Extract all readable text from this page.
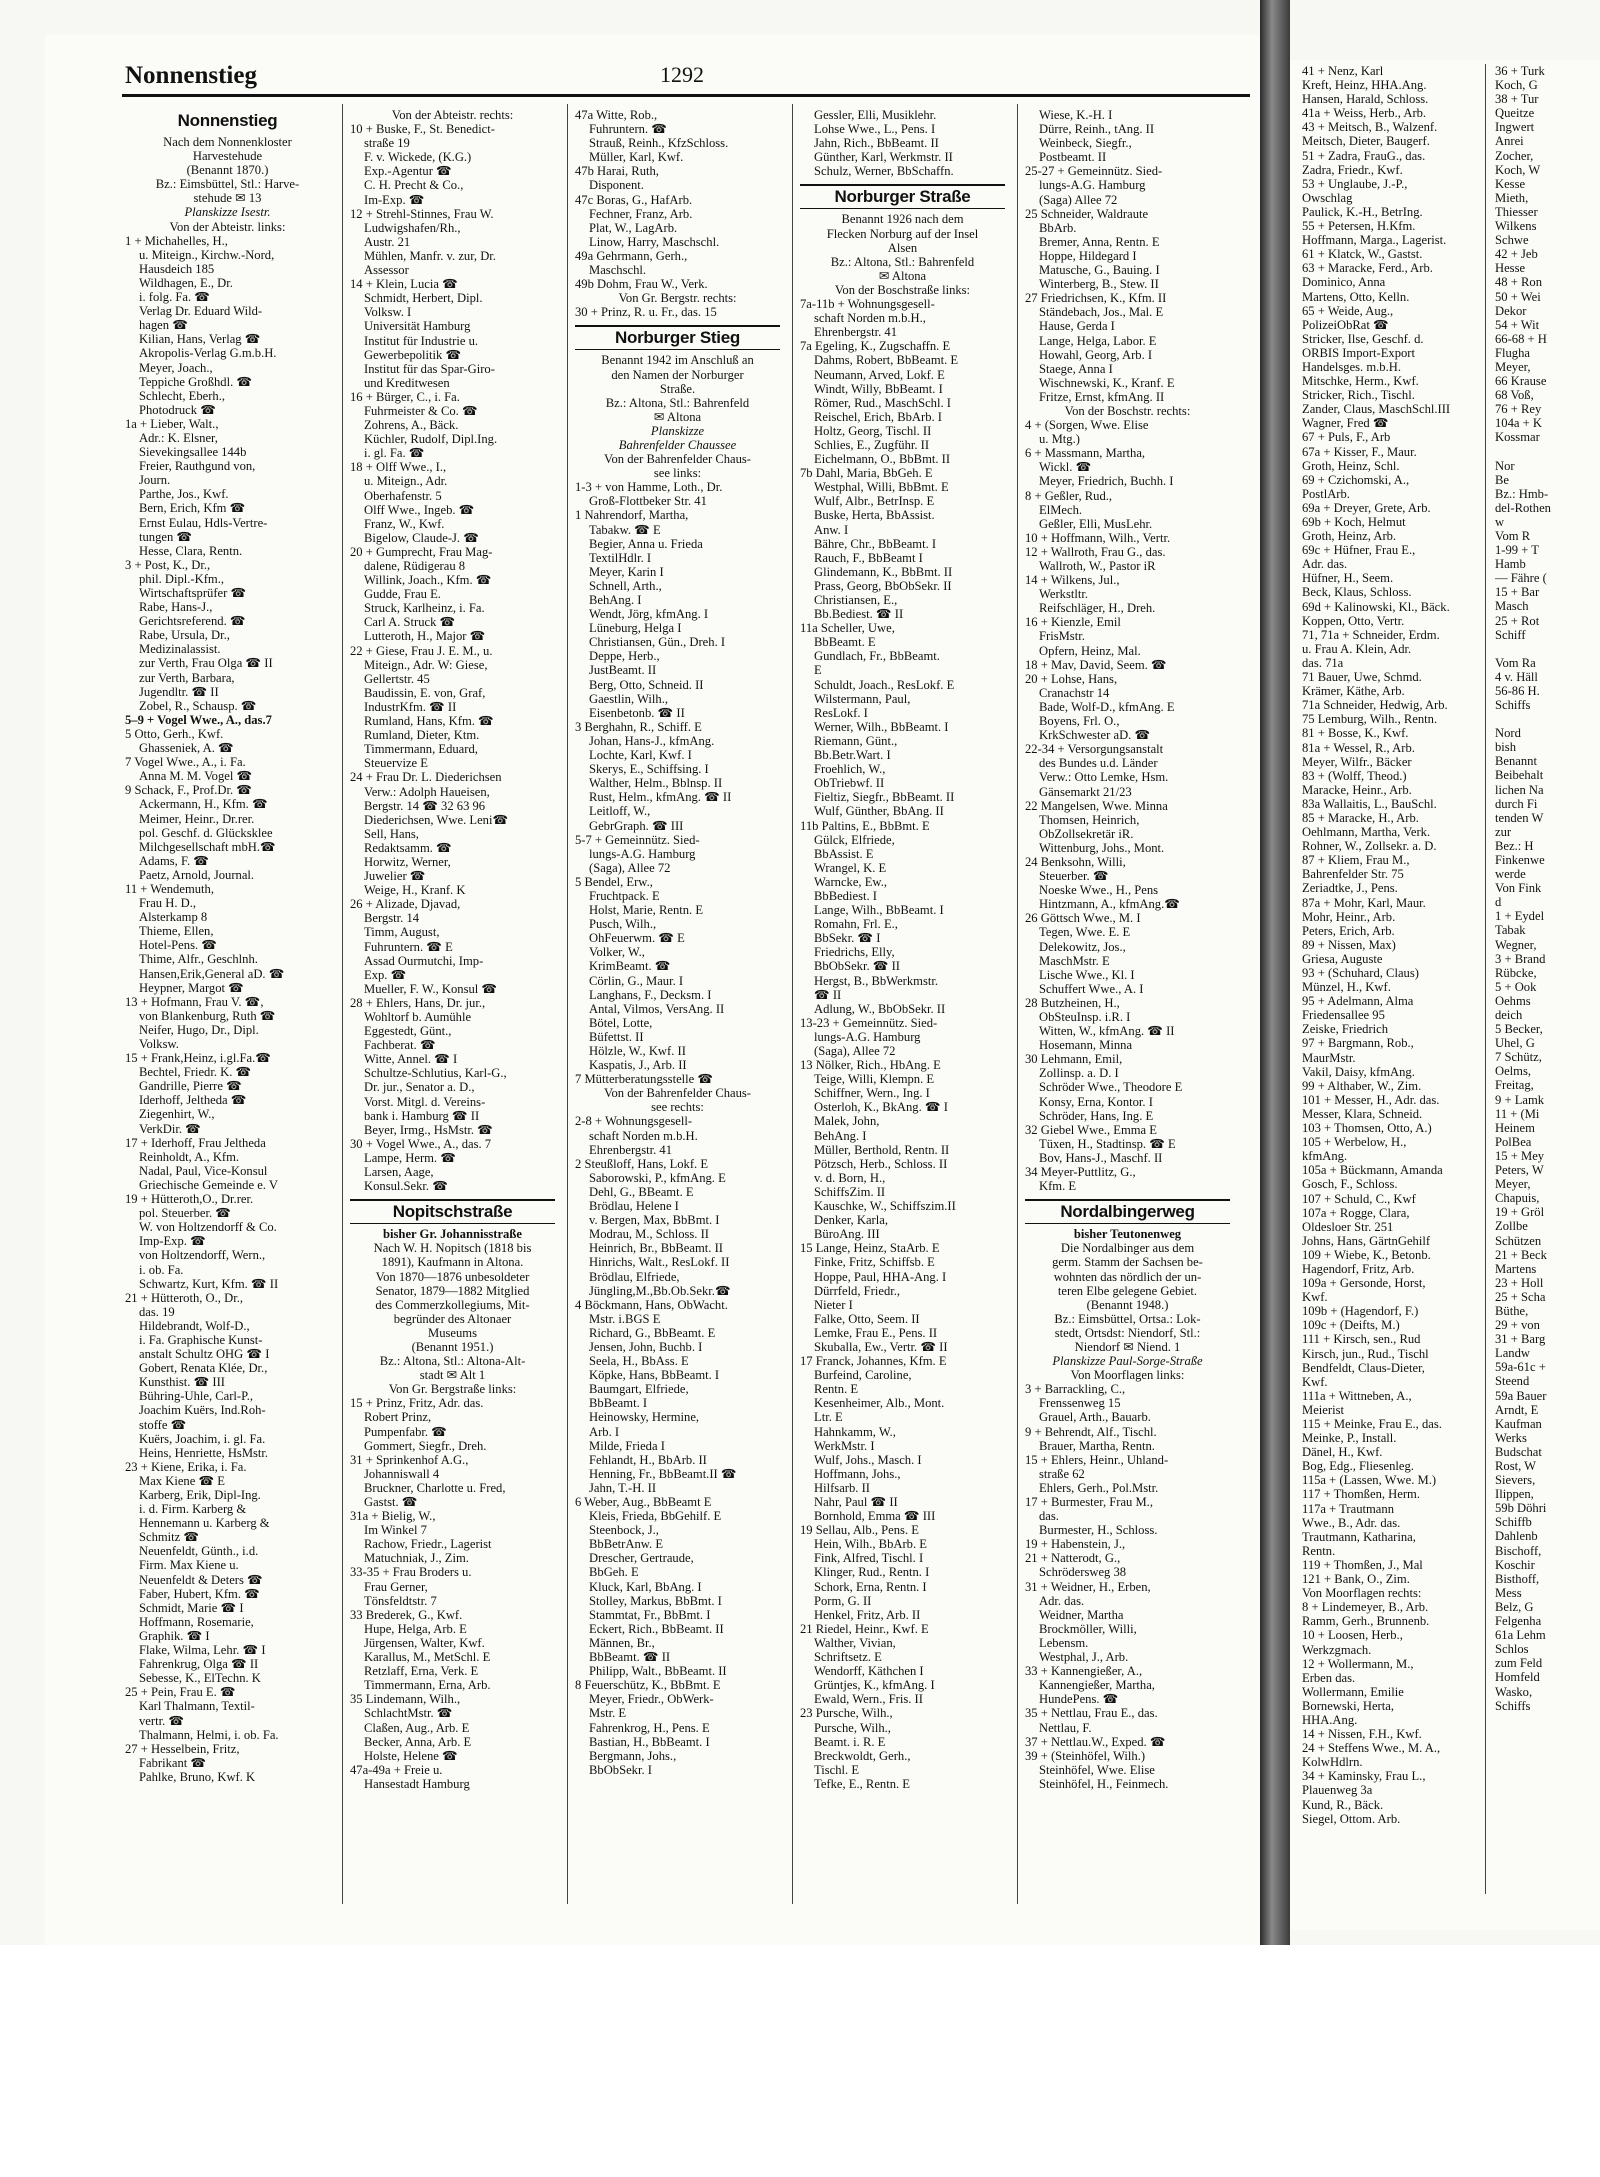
41 + Nenz, Karl
Kreft, Heinz, HHA.Ang.
Hansen, Harald, Schloss.
41a + Weiss, Herb., Arb.
43 + Meitsch, B., Walzenf.
Meitsch, Dieter, Baugerf.
51 + Zadra, FrauG., das.
Zadra, Friedr., Kwf.
53 + Unglaube, J.-P.,
Owschlag
Paulick, K.-H., BetrIng.
55 + Petersen, H.Kfm.
Hoffmann, Marga., Lagerist.
61 + Klatck, W., Gastst.
63 + Maracke, Ferd., Arb.
Dominico, Anna
Martens, Otto, Kelln.
65 + Weide, Aug.,
PolizeiObRat ☎
Stricker, Ilse, Geschf. d.
ORBIS Import-Export
Handelsges. m.b.H.
Mitschke, Herm., Kwf.
Stricker, Rich., Tischl.
Zander, Claus, MaschSchl.III
Wagner, Fred ☎
67 + Puls, F., Arb
67a + Kisser, F., Maur.
Groth, Heinz, Schl.
69 + Czichomski, A.,
PostlArb.
69a + Dreyer, Grete, Arb.
69b + Koch, Helmut
Groth, Heinz, Arb.
69c + Hüfner, Frau E.,
Adr. das.
Hüfner, H., Seem.
Beck, Klaus, Schloss.
69d + Kalinowski, Kl., Bäck.
Koppen, Otto, Vertr.
71, 71a + Schneider, Erdm.
u. Frau A. Klein, Adr.
das. 71a
71 Bauer, Uwe, Schmd.
Krämer, Käthe, Arb.
71a Schneider, Hedwig, Arb.
75 Lemburg, Wilh., Rentn.
81 + Bosse, K., Kwf.
81a + Wessel, R., Arb.
Meyer, Wilfr., Bäcker
83 + (Wolff, Theod.)
Maracke, Heinr., Arb.
83a Wallaitis, L., BauSchl.
85 + Maracke, H., Arb.
Oehlmann, Martha, Verk.
Rohner, W., Zollsekr. a. D.
87 + Kliem, Frau M.,
Bahrenfelder Str. 75
Zeriadtke, J., Pens.
87a + Mohr, Karl, Maur.
Mohr, Heinr., Arb.
Peters, Erich, Arb.
89 + Nissen, Max)
Griesa, Auguste
93 + (Schuhard, Claus)
Münzel, H., Kwf.
95 + Adelmann, Alma
Friedensallee 95
Zeiske, Friedrich
97 + Bargmann, Rob.,
MaurMstr.
Vakil, Daisy, kfmAng.
99 + Althaber, W., Zim.
101 + Messer, H., Adr. das.
Messer, Klara, Schneid.
103 + Thomsen, Otto, A.)
105 + Werbelow, H.,
kfmAng.
105a + Bückmann, Amanda
Gosch, F., Schloss.
107 + Schuld, C., Kwf
107a + Rogge, Clara,
Oldesloer Str. 251
Johns, Hans, GärtnGehilf
109 + Wiebe, K., Betonb.
Hagendorf, Fritz, Arb.
109a + Gersonde, Horst,
Kwf.
109b + (Hagendorf, F.)
109c + (Deifts, M.)
111 + Kirsch, sen., Rud
Kirsch, jun., Rud., Tischl
Bendfeldt, Claus-Dieter,
Kwf.
111a + Wittneben, A.,
Meierist
115 + Meinke, Frau E., das.
Meinke, P., Install.
Dänel, H., Kwf.
Bog, Edg., Fliesenleg.
115a + (Lassen, Wwe. M.)
117 + Thomßen, Herm.
117a + Trautmann
Wwe., B., Adr. das.
Trautmann, Katharina,
Rentn.
119 + Thomßen, J., Mal
121 + Bank, O., Zim.
Von Moorflagen rechts:
8 + Lindemeyer, B., Arb.
Ramm, Gerh., Brunnenb.
10 + Loosen, Herb.,
Werkzgmach.
12 + Wollermann, M.,
Erben das.
Wollermann, Emilie
Bornewski, Herta,
HHA.Ang.
14 + Nissen, F.H., Kwf.
24 + Steffens Wwe., M. A.,
KolwHdlrn.
34 + Kaminsky, Frau L.,
Plauenweg 3a
Kund, R., Bäck.
Siegel, Ottom. Arb.
36 + Turk
Koch, G
38 + Tur
Queitze
Ingwert
Anrei
Zocher,
Koch, W
Kesse
Mieth,
Thiesser
Wilkens
Schwe
42 + Jeb
Hesse
48 + Ron
50 + Wei
Dekor
54 + Wit
66-68 + H
Flugha
Meyer,
66 Krause
68 Voß,
76 + Rey
104a + K
Kossmar
Nor
Be
Bz.: Hmb-
del-Rothen
w
Vom R
1-99 + T
Hamb
— Fähre (
15 + Bar
Masch
25 + Rot
Schiff
Vom Ra
4 v. Häll
56-86 H.
Schiffs
Nord
bish
Benannt
Beibehalt
lichen Na
durch Fi
tenden W
zur
Bez.: H
Finkenwe
werde
Von Fink
d
1 + Eydel
Tabak
Wegner,
3 + Brand
Rübcke,
5 + Ook
Oehms
deich
5 Becker,
Uhel, G
7 Schütz,
Oelms,
Freitag,
9 + Lamk
11 + (Mi
Heinem
PolBea
15 + Mey
Peters, W
Meyer,
Chapuis,
19 + Gröl
Zollbe
Schützen
21 + Beck
Martens
23 + Holl
25 + Scha
Büthe,
29 + von
31 + Barg
Landw
59a-61c +
Steend
59a Bauer
Arndt, E
Kaufman
Werks
Budschat
Rost, W
Sievers,
Ilippen,
59b Döhri
Schiffb
Dahlenb
Bischoff,
Koschir
Bisthoff,
Mess
Belz, G
Felgenha
61a Lehm
Schlos
zum Feld
Homfeld
Wasko,
Schiffs
Nonnenstieg	1292
Nonnenstieg
Nach dem Nonnenkloster
Harvestehude
(Benannt 1870.)
Bz.: Eimsbüttel, Stl.: Harve-
stehude ✉ 13
Planskizze Isestr.
Von der Abteistr. links:
1 + Michahelles, H.,
u. Miteign., Kirchw.-Nord,
Hausdeich 185
Wildhagen, E., Dr.
i. folg. Fa. ☎
Verlag Dr. Eduard Wild-
hagen ☎
Kilian, Hans, Verlag ☎
Akropolis-Verlag G.m.b.H.
Meyer, Joach.,
Teppiche Großhdl. ☎
Schlecht, Eberh.,
Photodruck ☎
1a + Lieber, Walt.,
Adr.: K. Elsner,
Sievekingsallee 144b
Freier, Rauthgund von,
Journ.
Parthe, Jos., Kwf.
Bern, Erich, Kfm ☎
Ernst Eulau, Hdls-Vertre-
tungen ☎
Hesse, Clara, Rentn.
3 + Post, K., Dr.,
phil. Dipl.-Kfm.,
Wirtschaftsprüfer ☎
Rabe, Hans-J.,
Gerichtsreferend. ☎
Rabe, Ursula, Dr.,
Medizinalassist.
zur Verth, Frau Olga ☎ II
zur Verth, Barbara,
Jugendltr. ☎ II
Zobel, R., Schausp. ☎
5–9 + Vogel Wwe., A., das.7
5 Otto, Gerh., Kwf.
Ghasseniek, A. ☎
7 Vogel Wwe., A., i. Fa.
Anna M. M. Vogel ☎
9 Schack, F., Prof.Dr. ☎
Ackermann, H., Kfm. ☎
Meimer, Heinr., Dr.rer.
pol. Geschf. d. Glücksklee
Milchgesellschaft mbH.☎
Adams, F. ☎
Paetz, Arnold, Journal.
11 + Wendemuth,
Frau H. D.,
Alsterkamp 8
Thieme, Ellen,
Hotel-Pens. ☎
Thime, Alfr., Geschlnh.
Hansen,Erik,General aD. ☎
Heypner, Margot ☎
13 + Hofmann, Frau V. ☎,
von Blankenburg, Ruth ☎
Neifer, Hugo, Dr., Dipl.
Volksw.
15 + Frank,Heinz, i.gl.Fa.☎
Bechtel, Friedr. K. ☎
Gandrille, Pierre ☎
Iderhoff, Jeltheda ☎
Ziegenhirt, W.,
VerkDir. ☎
17 + Iderhoff, Frau Jeltheda
Reinholdt, A., Kfm.
Nadal, Paul, Vice-Konsul
Griechische Gemeinde e. V
19 + Hütteroth,O., Dr.rer.
pol. Steuerber. ☎
W. von Holtzendorff & Co.
Imp-Exp. ☎
von Holtzendorff, Wern.,
i. ob. Fa.
Schwartz, Kurt, Kfm. ☎ II
21 + Hütteroth, O., Dr.,
das. 19
Hildebrandt, Wolf-D.,
i. Fa. Graphische Kunst-
anstalt Schultz OHG ☎ I
Gobert, Renata Klée, Dr.,
Kunsthist. ☎ III
Bühring-Uhle, Carl-P.,
Joachim Kuërs, Ind.Roh-
stoffe ☎
Kuërs, Joachim, i. gl. Fa.
Heins, Henriette, HsMstr.
23 + Kiene, Erika, i. Fa.
Max Kiene ☎ E
Karberg, Erik, Dipl-Ing.
i. d. Firm. Karberg &
Hennemann u. Karberg &
Schmitz ☎
Neuenfeldt, Günth., i.d.
Firm. Max Kiene u.
Neuenfeldt & Deters ☎
Faber, Hubert, Kfm. ☎
Schmidt, Marie ☎ I
Hoffmann, Rosemarie,
Graphik. ☎ I
Flake, Wilma, Lehr. ☎ I
Fahrenkrug, Olga ☎ II
Sebesse, K., ElTechn. K
25 + Pein, Frau E. ☎
Karl Thalmann, Textil-
vertr. ☎
Thalmann, Helmi, i. ob. Fa.
27 + Hesselbein, Fritz,
Fabrikant ☎
Pahlke, Bruno, Kwf. K
Von der Abteistr. rechts:
10 + Buske, F., St. Benedict-
straße 19
F. v. Wickede, (K.G.)
Exp.-Agentur ☎
C. H. Precht & Co.,
Im-Exp. ☎
12 + Strehl-Stinnes, Frau W.
Ludwigshafen/Rh.,
Austr. 21
Mühlen, Manfr. v. zur, Dr.
Assessor
14 + Klein, Lucia ☎
Schmidt, Herbert, Dipl.
Volksw. I
Universität Hamburg
Institut für Industrie u.
Gewerbepolitik ☎
Institut für das Spar-Giro-
und Kreditwesen
16 + Bürger, C., i. Fa.
Fuhrmeister & Co. ☎
Zohrens, A., Bäck.
Küchler, Rudolf, Dipl.Ing.
i. gl. Fa. ☎
18 + Olff Wwe., I.,
u. Miteign., Adr.
Oberhafenstr. 5
Olff Wwe., Ingeb. ☎
Franz, W., Kwf.
Bigelow, Claude-J. ☎
20 + Gumprecht, Frau Mag-
dalene, Rüdigerau 8
Willink, Joach., Kfm. ☎
Gudde, Frau E.
Struck, Karlheinz, i. Fa.
Carl A. Struck ☎
Lutteroth, H., Major ☎
22 + Giese, Frau J. E. M., u.
Miteign., Adr. W: Giese,
Gellertstr. 45
Baudissin, E. von, Graf,
IndustrKfm. ☎ II
Rumland, Hans, Kfm. ☎
Rumland, Dieter, Ktm.
Timmermann, Eduard,
Steuervize E
24 + Frau Dr. L. Diederichsen
Verw.: Adolph Haueisen,
Bergstr. 14 ☎ 32 63 96
Diederichsen, Wwe. Leni☎
Sell, Hans,
Redaktsamm. ☎
Horwitz, Werner,
Juwelier ☎
Weige, H., Kranf. K
26 + Alizade, Djavad,
Bergstr. 14
Timm, August,
Fuhruntern. ☎ E
Assad Ourmutchi, Imp-
Exp. ☎
Mueller, F. W., Konsul ☎
28 + Ehlers, Hans, Dr. jur.,
Wohltorf b. Aumühle
Eggestedt, Günt.,
Fachberat. ☎
Witte, Annel. ☎ I
Schultze-Schlutius, Karl-G.,
Dr. jur., Senator a. D.,
Vorst. Mitgl. d. Vereins-
bank i. Hamburg ☎ II
Beyer, Irmg., HsMstr. ☎
30 + Vogel Wwe., A., das. 7
Lampe, Herm. ☎
Larsen, Aage,
Konsul.Sekr. ☎
Nopitschstraße
bisher Gr. Johannisstraße
Nach W. H. Nopitsch (1818 bis
1891), Kaufmann in Altona.
Von 1870—1876 unbesoldeter
Senator, 1879—1882 Mitglied
des Commerzkollegiums, Mit-
begründer des Altonaer
Museums
(Benannt 1951.)
Bz.: Altona, Stl.: Altona-Alt-
stadt ✉ Alt 1
Von Gr. Bergstraße links:
15 + Prinz, Fritz, Adr. das.
Robert Prinz,
Pumpenfabr. ☎
Gommert, Siegfr., Dreh.
31 + Sprinkenhof A.G.,
Johanniswall 4
Bruckner, Charlotte u. Fred,
Gastst. ☎
31a + Bielig, W.,
Im Winkel 7
Rachow, Friedr., Lagerist
Matuchniak, J., Zim.
33-35 + Frau Broders u.
Frau Gerner,
Tönsfeldtstr. 7
33 Brederek, G., Kwf.
Hupe, Helga, Arb. E
Jürgensen, Walter, Kwf.
Karallus, M., MetSchl. E
Retzlaff, Erna, Verk. E
Timmermann, Erna, Arb.
35 Lindemann, Wilh.,
SchlachtMstr. ☎
Claßen, Aug., Arb. E
Becker, Anna, Arb. E
Holste, Helene ☎
47a-49a + Freie u.
Hansestadt Hamburg
47a Witte, Rob.,
Fuhruntern. ☎
Strauß, Reinh., KfzSchloss.
Müller, Karl, Kwf.
47b Harai, Ruth,
Disponent.
47c Boras, G., HafArb.
Fechner, Franz, Arb.
Plat, W., LagArb.
Linow, Harry, Maschschl.
49a Gehrmann, Gerh.,
Maschschl.
49b Dohm, Frau W., Verk.
Von Gr. Bergstr. rechts:
30 + Prinz, R. u. Fr., das. 15
Norburger Stieg
Benannt 1942 im Anschluß an
den Namen der Norburger
Straße.
Bz.: Altona, Stl.: Bahrenfeld
✉ Altona
Planskizze
Bahrenfelder Chaussee
Von der Bahrenfelder Chaus-
see links:
1-3 + von Hamme, Loth., Dr.
Groß-Flottbeker Str. 41
1 Nahrendorf, Martha,
Tabakw. ☎ E
Begier, Anna u. Frieda
TextilHdlr. I
Meyer, Karin I
Schnell, Arth.,
BehAng. I
Wendt, Jörg, kfmAng. I
Lüneburg, Helga I
Christiansen, Gün., Dreh. I
Deppe, Herb.,
JustBeamt. II
Berg, Otto, Schneid. II
Gaestlin, Wilh.,
Eisenbetonb. ☎ II
3 Berghahn, R., Schiff. E
Johan, Hans-J., kfmAng.
Lochte, Karl, Kwf. I
Skerys, E., Schiffsing. I
Walther, Helm., Bblnsp. II
Rust, Helm., kfmAng. ☎ II
Leitloff, W.,
GebrGraph. ☎ III
5-7 + Gemeinnütz. Sied-
lungs-A.G. Hamburg
(Saga), Allee 72
5 Bendel, Erw.,
Fruchtpack. E
Holst, Marie, Rentn. E
Pusch, Wilh.,
OhFeuerwm. ☎ E
Volker, W.,
KrimBeamt. ☎
Cörlin, G., Maur. I
Langhans, F., Decksm. I
Antal, Vilmos, VersAng. II
Bötel, Lotte,
Büfettst. II
Hölzle, W., Kwf. II
Kaspatis, J., Arb. II
7 Mütterberatungsstelle ☎
Von der Bahrenfelder Chaus-
see rechts:
2-8 + Wohnungsgesell-
schaft Norden m.b.H.
Ehrenbergstr. 41
2 Steußloff, Hans, Lokf. E
Saborowski, P., kfmAng. E
Dehl, G., BBeamt. E
Brödlau, Helene I
v. Bergen, Max, BbBmt. I
Modrau, M., Schloss. II
Heinrich, Br., BbBeamt. II
Hinrichs, Walt., ResLokf. II
Brödlau, Elfriede,
Jüngling,M.,Bb.Ob.Sekr.☎
4 Böckmann, Hans, ObWacht.
Mstr. i.BGS E
Richard, G., BbBeamt. E
Jensen, John, Buchb. I
Seela, H., BbAss. E
Köpke, Hans, BbBeamt. I
Baumgart, Elfriede,
BbBeamt. I
Heinowsky, Hermine,
Arb. I
Milde, Frieda I
Fehlandt, H., BbArb. II
Henning, Fr., BbBeamt.II ☎
Jahn, T.-H. II
6 Weber, Aug., BbBeamt E
Kleis, Frieda, BbGehilf. E
Steenbock, J.,
BbBetrAnw. E
Drescher, Gertraude,
BbGeh. E
Kluck, Karl, BbAng. I
Stolley, Markus, BbBmt. I
Stammtat, Fr., BbBmt. I
Eckert, Rich., BbBeamt. II
Männen, Br.,
BbBeamt. ☎ II
Philipp, Walt., BbBeamt. II
8 Feuerschütz, K., BbBmt. E
Meyer, Friedr., ObWerk-
Mstr. E
Fahrenkrog, H., Pens. E
Bastian, H., BbBeamt. I
Bergmann, Johs.,
BbObSekr. I
Gessler, Elli, Musiklehr.
Lohse Wwe., L., Pens. I
Jahn, Rich., BbBeamt. II
Günther, Karl, Werkmstr. II
Schulz, Werner, BbSchaffn.
Norburger Straße
Benannt 1926 nach dem
Flecken Norburg auf der Insel
Alsen
Bz.: Altona, Stl.: Bahrenfeld
✉ Altona
Von der Boschstraße links:
7a-11b + Wohnungsgesell-
schaft Norden m.b.H.,
Ehrenbergstr. 41
7a Egeling, K., Zugschaffn. E
Dahms, Robert, BbBeamt. E
Neumann, Arved, Lokf. E
Windt, Willy, BbBeamt. I
Römer, Rud., MaschSchl. I
Reischel, Erich, BbArb. I
Holtz, Georg, Tischl. II
Schlies, E., Zugführ. II
Eichelmann, O., BbBmt. II
7b Dahl, Maria, BbGeh. E
Westphal, Willi, BbBmt. E
Wulf, Albr., BetrInsp. E
Buske, Herta, BbAssist.
Anw. I
Bähre, Chr., BbBeamt. I
Rauch, F., BbBeamt I
Glindemann, K., BbBmt. II
Prass, Georg, BbObSekr. II
Christiansen, E.,
Bb.Bediest. ☎ II
11a Scheller, Uwe,
BbBeamt. E
Gundlach, Fr., BbBeamt.
E
Schuldt, Joach., ResLokf. E
Wilstermann, Paul,
ResLokf. I
Werner, Wilh., BbBeamt. I
Riemann, Günt.,
Bb.Betr.Wart. I
Froehlich, W.,
ObTriebwf. II
Fieltiz, Siegfr., BbBeamt. II
Wulf, Günther, BbAng. II
11b Paltins, E., BbBmt. E
Gülck, Elfriede,
BbAssist. E
Wrangel, K. E
Warncke, Ew.,
BbBediest. I
Lange, Wilh., BbBeamt. I
Romahn, Frl. E.,
BbSekr. ☎ I
Friedrichs, Elly,
BbObSekr. ☎ II
Hergst, B., BbWerkmstr.
☎ II
Adlung, W., BbObSekr. II
13-23 + Gemeinnütz. Sied-
lungs-A.G. Hamburg
(Saga), Allee 72
13 Nölker, Rich., HbAng. E
Teige, Willi, Klempn. E
Schiffner, Wern., Ing. I
Osterloh, K., BkAng. ☎ I
Malek, John,
BehAng. I
Müller, Berthold, Rentn. II
Pötzsch, Herb., Schloss. II
v. d. Born, H.,
SchiffsZim. II
Kauschke, W., Schiffszim.II
Denker, Karla,
BüroAng. III
15 Lange, Heinz, StaArb. E
Finke, Fritz, Schiffsb. E
Hoppe, Paul, HHA-Ang. I
Dürrfeld, Friedr.,
Nieter I
Falke, Otto, Seem. II
Lemke, Frau E., Pens. II
Skuballa, Ew., Vertr. ☎ II
17 Franck, Johannes, Kfm. E
Burfeind, Caroline,
Rentn. E
Kesenheimer, Alb., Mont.
Ltr. E
Hahnkamm, W.,
WerkMstr. I
Wulf, Johs., Masch. I
Hoffmann, Johs.,
Hilfsarb. II
Nahr, Paul ☎ II
Bornhold, Emma ☎ III
19 Sellau, Alb., Pens. E
Hein, Wilh., BbArb. E
Fink, Alfred, Tischl. I
Klinger, Rud., Rentn. I
Schork, Erna, Rentn. I
Porm, G. II
Henkel, Fritz, Arb. II
21 Riedel, Heinr., Kwf. E
Walther, Vivian,
Schriftsetz. E
Wendorff, Käthchen I
Grüntjes, K., kfmAng. I
Ewald, Wern., Fris. II
23 Pursche, Wilh.,
Pursche, Wilh.,
Beamt. i. R. E
Breckwoldt, Gerh.,
Tischl. E
Tefke, E., Rentn. E
Wiese, K.-H. I
Dürre, Reinh., tAng. II
Weinbeck, Siegfr.,
Postbeamt. II
25-27 + Gemeinnütz. Sied-
lungs-A.G. Hamburg
(Saga) Allee 72
25 Schneider, Waldraute
BbArb.
Bremer, Anna, Rentn. E
Hoppe, Hildegard I
Matusche, G., Bauing. I
Winterberg, B., Stew. II
27 Friedrichsen, K., Kfm. II
Ständebach, Jos., Mal. E
Hause, Gerda I
Lange, Helga, Labor. E
Howahl, Georg, Arb. I
Staege, Anna I
Wischnewski, K., Kranf. E
Fritze, Ernst, kfmAng. II
Von der Boschstr. rechts:
4 + (Sorgen, Wwe. Elise
u. Mtg.)
6 + Massmann, Martha,
Wickl. ☎
Meyer, Friedrich, Buchh. I
8 + Geßler, Rud.,
ElMech.
Geßler, Elli, MusLehr.
10 + Hoffmann, Wilh., Vertr.
12 + Wallroth, Frau G., das.
Wallroth, W., Pastor iR
14 + Wilkens, Jul.,
Werkstltr.
Reifschläger, H., Dreh.
16 + Kienzle, Emil
FrisMstr.
Opfern, Heinz, Mal.
18 + Mav, David, Seem. ☎
20 + Lohse, Hans,
Cranachstr 14
Bade, Wolf-D., kfmAng. E
Boyens, Frl. O.,
KrkSchwester aD. ☎
22-34 + Versorgungsanstalt
des Bundes u.d. Länder
Verw.: Otto Lemke, Hsm.
Gänsemarkt 21/23
22 Mangelsen, Wwe. Minna
Thomsen, Heinrich,
ObZollsekretär iR.
Wittenburg, Johs., Mont.
24 Benksohn, Willi,
Steuerber. ☎
Noeske Wwe., H., Pens
Hintzmann, A., kfmAng.☎
26 Göttsch Wwe., M. I
Tegen, Wwe. E. E
Delekowitz, Jos.,
MaschMstr. E
Lische Wwe., Kl. I
Schuffert Wwe., A. I
28 Butzheinen, H.,
ObSteuInsp. i.R. I
Witten, W., kfmAng. ☎ II
Hosemann, Minna
30 Lehmann, Emil,
Zollinsp. a. D. I
Schröder Wwe., Theodore E
Konsy, Erna, Kontor. I
Schröder, Hans, Ing. E
32 Giebel Wwe., Emma E
Tüxen, H., Stadtinsp. ☎ E
Bov, Hans-J., Maschf. II
34 Meyer-Puttlitz, G.,
Kfm. E
Nordalbingerweg
bisher Teutonenweg
Die Nordalbinger aus dem
germ. Stamm der Sachsen be-
wohnten das nördlich der un-
teren Elbe gelegene Gebiet.
(Benannt 1948.)
Bz.: Eimsbüttel, Ortsa.: Lok-
stedt, Ortsdst: Niendorf, Stl.:
Niendorf ✉ Niend. 1
Planskizze Paul-Sorge-Straße
Von Moorflagen links:
3 + Barrackling, C.,
Frenssenweg 15
Grauel, Arth., Bauarb.
9 + Behrendt, Alf., Tischl.
Brauer, Martha, Rentn.
15 + Ehlers, Heinr., Uhland-
straße 62
Ehlers, Gerh., Pol.Mstr.
17 + Burmester, Frau M.,
das.
Burmester, H., Schloss.
19 + Habenstein, J.,
21 + Natterodt, G.,
Schrödersweg 38
31 + Weidner, H., Erben,
Adr. das.
Weidner, Martha
Brockmöller, Willi,
Lebensm.
Westphal, J., Arb.
33 + Kannengießer, A.,
Kannengießer, Martha,
HundePens. ☎
35 + Nettlau, Frau E., das.
Nettlau, F.
37 + Nettlau.W., Exped. ☎
39 + (Steinhöfel, Wilh.)
Steinhöfel, Wwe. Elise
Steinhöfel, H., Feinmech.
